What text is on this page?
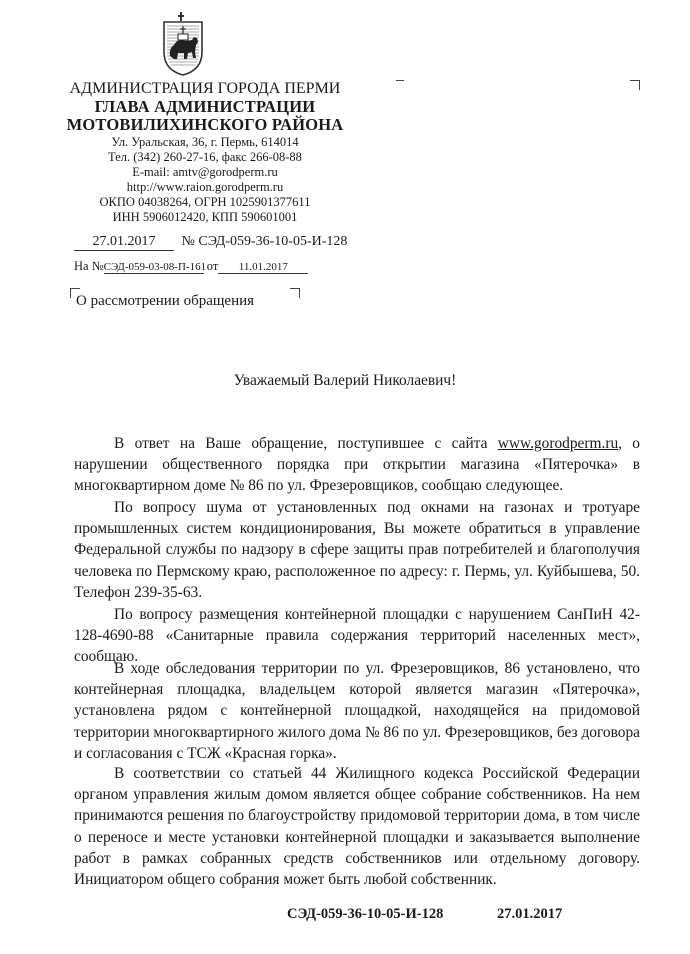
АДМИНИСТРАЦИЯ ГОРОДА ПЕРМИ
ГЛАВА АДМИНИСТРАЦИИ
МОТОВИЛИХИНСКОГО РАЙОНА
Ул. Уральская, 36, г. Пермь, 614014
Тел. (342) 260-27-16, факс 266-08-88
E-mail: amtv@gorodperm.ru
http://www.raion.gorodperm.ru
ОКПО 04038264, ОГРН 1025901377611
ИНН 5906012420, КПП 590601001
27.01.2017 № СЭД-059-36-10-05-И-128
На №СЭД-059-03-08-П-161 от 11.01.2017
О рассмотрении обращения
Уважаемый Валерий Николаевич!
В ответ на Ваше обращение, поступившее с сайта www.gorodperm.ru, о нарушении общественного порядка при открытии магазина «Пятерочка» в многоквартирном доме № 86 по ул. Фрезеровщиков, сообщаю следующее.
По вопросу шума от установленных под окнами на газонах и тротуаре промышленных систем кондиционирования, Вы можете обратиться в управление Федеральной службы по надзору в сфере защиты прав потребителей и благополучия человека по Пермскому краю, расположенное по адресу: г. Пермь, ул. Куйбышева, 50. Телефон 239-35-63.
По вопросу размещения контейнерной площадки с нарушением СанПиН 42-128-4690-88 «Санитарные правила содержания территорий населенных мест», сообщаю.
В ходе обследования территории по ул. Фрезеровщиков, 86 установлено, что контейнерная площадка, владельцем которой является магазин «Пятерочка», установлена рядом с контейнерной площадкой, находящейся на придомовой территории многоквартирного жилого дома № 86 по ул. Фрезеровщиков, без договора и согласования с ТСЖ «Красная горка».
В соответствии со статьей 44 Жилищного кодекса Российской Федерации органом управления жилым домом является общее собрание собственников. На нем принимаются решения по благоустройству придомовой территории дома, в том числе о переносе и месте установки контейнерной площадки и заказывается выполнение работ в рамках собранных средств собственников или отдельному договору. Инициатором общего собрания может быть любой собственник.
СЭД-059-36-10-05-И-128	27.01.2017
